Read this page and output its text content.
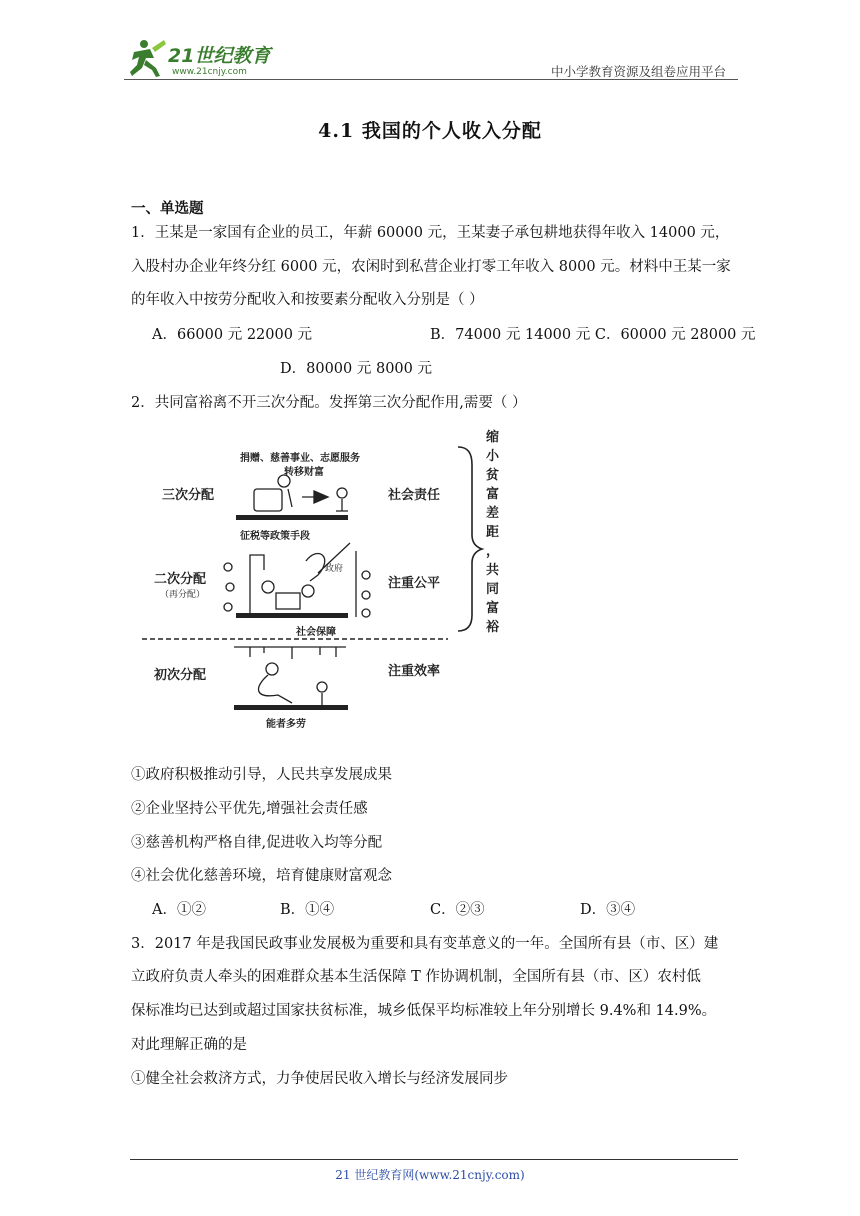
21世纪教育
www.21cnjy.com	中小学教育资源及组卷应用平台
4.1 我国的个人收入分配
一、单选题
1．王某是一家国有企业的员工，年薪 60000 元，王某妻子承包耕地获得年收入 14000 元，
入股村办企业年终分红 6000 元，农闲时到私营企业打零工年收入 8000 元。材料中王某一家
的年收入中按劳分配收入和按要素分配收入分别是（ ）
A．66000 元 22000 元	B．74000 元 14000 元 C．60000 元 28000 元
D．80000 元 8000 元
2．共同富裕离不开三次分配。发挥第三次分配作用,需要（ ）
捐赠、慈善事业、志愿服务
转移财富
三次分配	社会责任
征税等政策手段
二次分配
（再分配）
注重公平
政府
社会保障
初次分配	注重效率
能者多劳
缩
小
贫
富
差
距
，
共
同
富
裕
①政府积极推动引导，人民共享发展成果
②企业坚持公平优先,增强社会责任感
③慈善机构严格自律,促进收入均等分配
④社会优化慈善环境，培育健康财富观念
A．①②	B．①④	C．②③	D．③④
3．2017 年是我国民政事业发展极为重要和具有变革意义的一年。全国所有县（市、区）建
立政府负责人牵头的困难群众基本生活保障 T 作协调机制，全国所有县（市、区）农村低
保标准均已达到或超过国家扶贫标准，城乡低保平均标准较上年分别增长 9.4%和 14.9%。
对此理解正确的是
①健全社会救济方式，力争使居民收入增长与经济发展同步
21 世纪教育网(www.21cnjy.com)
